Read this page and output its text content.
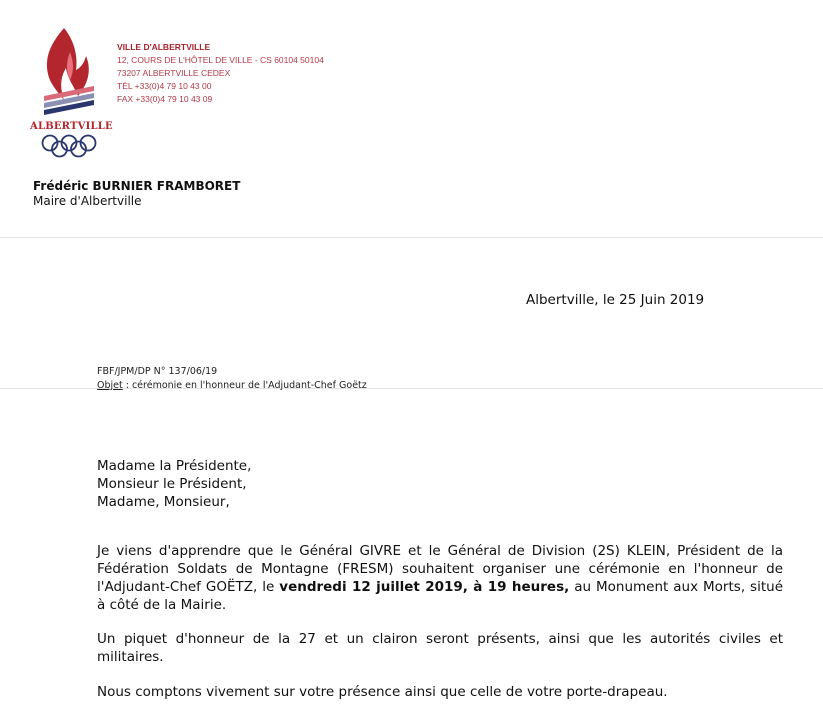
ALBERTVILLE
VILLE D'ALBERTVILLE
12, COURS DE L'HÔTEL DE VILLE - CS 60104 50104
73207 ALBERTVILLE CEDEX
TÉL +33(0)4 79 10 43 00
FAX +33(0)4 79 10 43 09
Frédéric BURNIER FRAMBORET
Maire d'Albertville
Albertville, le 25 Juin 2019
FBF/JPM/DP N° 137/06/19
Objet : cérémonie en l'honneur de l'Adjudant-Chef Goëtz
Madame la Présidente,
Monsieur le Président,
Madame, Monsieur,

Je viens d'apprendre que le Général GIVRE et le Général de Division (2S) KLEIN, Président de la Fédération Soldats de Montagne (FRESM) souhaitent organiser une cérémonie en l'honneur de l'Adjudant-Chef GOËTZ, le vendredi 12 juillet 2019, à 19 heures, au Monument aux Morts, situé à côté de la Mairie.

Un piquet d'honneur de la 27 et un clairon seront présents, ainsi que les autorités civiles et militaires.

Nous comptons vivement sur votre présence ainsi que celle de votre porte-drapeau.
